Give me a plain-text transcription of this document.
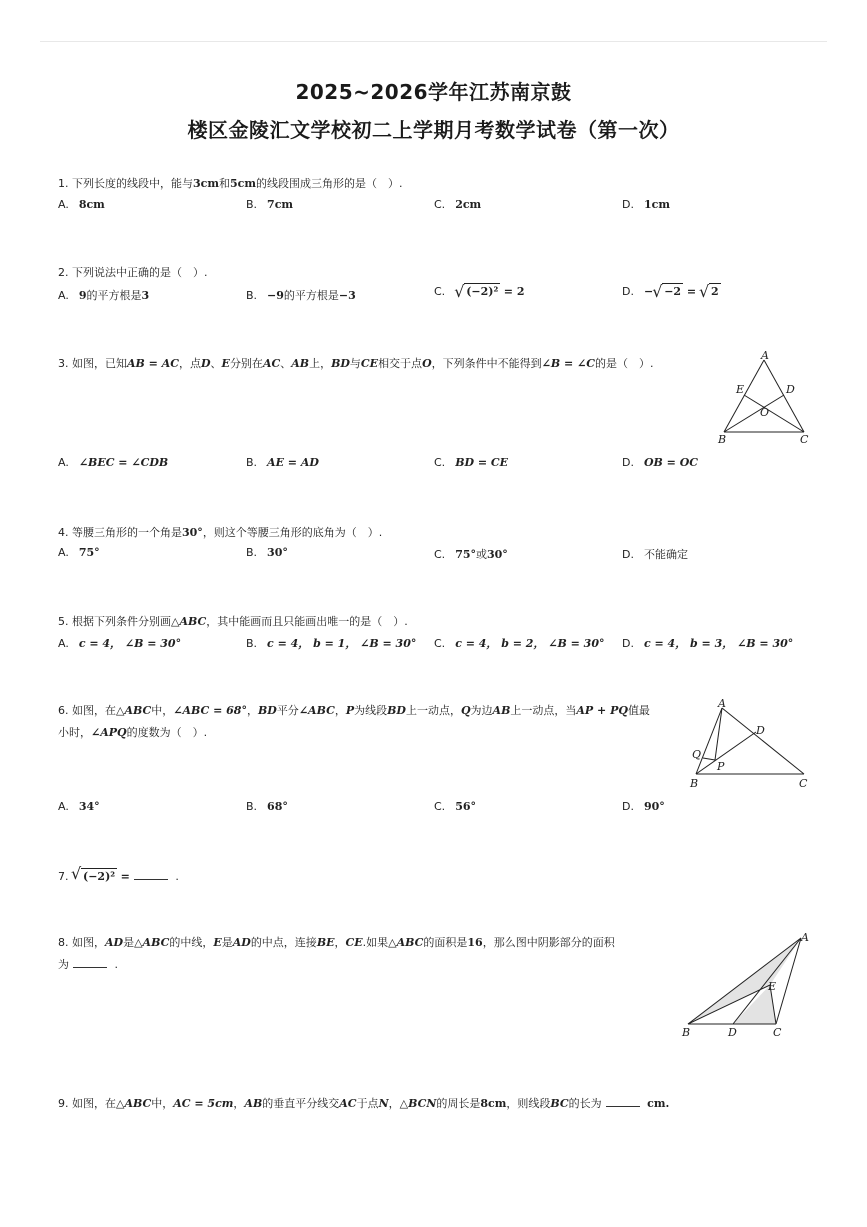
2025~2026学年江苏南京鼓
楼区金陵汇文学校初二上学期月考数学试卷（第一次）
1. 下列长度的线段中，能与3cm和5cm的线段围成三角形的是（　）.
A. 8cm	B. 7cm	C. 2cm	D. 1cm
2. 下列说法中正确的是（　）.
A. 9的平方根是3	B. −9的平方根是−3	C. √ (−2)² = 2	D. − √ −2 = √ 2
3. 如图，已知AB = AC，点D、E分别在AC、AB上，BD与CE相交于点O，下列条件中不能得到∠B = ∠C的是（　）.
A
B	C
D
E
O
A. ∠BEC = ∠CDB	B. AE = AD	C. BD = CE	D. OB = OC
4. 等腰三角形的一个角是30°，则这个等腰三角形的底角为（　）.
A. 75°	B. 30°	C. 75°或30°	D. 不能确定
5. 根据下列条件分别画△ABC，其中能画而且只能画出唯一的是（　）.
A. c = 4， ∠B = 30°	B. c = 4， b = 1， ∠B = 30° C. c = 4， b = 2， ∠B = 30° D. c = 4， b = 3， ∠B = 30°
6. 如图，在△ABC中，∠ABC = 68°，BD平分∠ABC，P为线段BD上一动点，Q为边AB上一动点，当AP + PQ值最
小时，∠APQ的度数为（　）.
A
B	C
D
P
Q
A. 34°	B. 68°	C. 56°	D. 90°
7. √ (−2)² =	.
8. 如图，AD是△ABC的中线，E是AD的中点，连接BE，CE.如果△ABC的面积是16，那么图中阴影部分的面积
为	.
A
B	C
D
E
9. 如图，在△ABC中，AC = 5cm，AB的垂直平分线交AC于点N，△BCN的周长是8cm，则线段BC的长为	cm.
